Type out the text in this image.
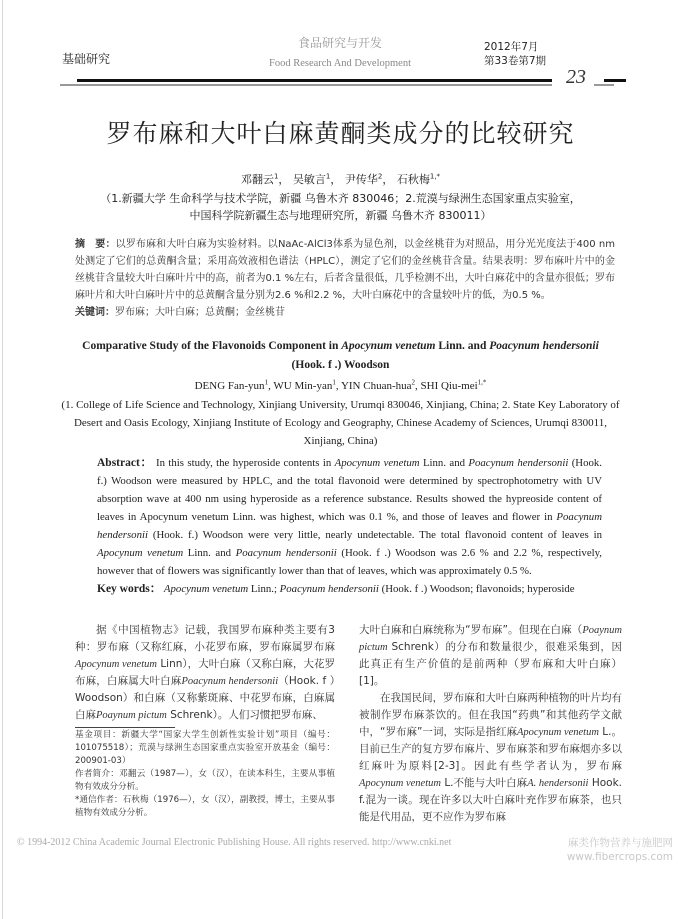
基础研究
食品研究与开发
Food Research And Development
2012年7月
第33卷第7期
23
罗布麻和大叶白麻黄酮类成分的比较研究
邓翻云$^1$， 吴敏言$^1$， 尹传华$^2$， 石秋梅$^{1,*}$
（1.新疆大学 生命科学与技术学院，新疆 乌鲁木齐 830046；2.荒漠与绿洲生态国家重点实验室，中国科学院新疆生态与地理研究所，新疆 乌鲁木齐 830011）
摘　要：以罗布麻和大叶白麻为实验材料。以NaAc-AlCl3体系为显色剂，以金丝桃苷为对照品，用分光光度法于400 nm处测定了它们的总黄酮含量；采用高效液相色谱法（HPLC），测定了它们的金丝桃苷含量。结果表明：罗布麻叶片中的金丝桃苷含量较大叶白麻叶片中的高，前者为0.1 %左右，后者含量很低，几乎检测不出，大叶白麻花中的含量亦很低；罗布麻叶片和大叶白麻叶片中的总黄酮含量分别为2.6 %和2.2 %，大叶白麻花中的含量较叶片的低，为0.5 %。
关键词：罗布麻；大叶白麻；总黄酮；金丝桃苷
Comparative Study of the Flavonoids Component in Apocynum venetum Linn. and Poacynum hendersonii
(Hook. f .) Woodson
DENG Fan-yun$^1$, WU Min-yan$^1$, YIN Chuan-hua$^2$, SHI Qiu-mei$^{1,*}$
(1. College of Life Science and Technology, Xinjiang University, Urumqi 830046, Xinjiang, China; 2. State Key Laboratory of Desert and Oasis Ecology, Xinjiang Institute of Ecology and Geography, Chinese Academy of Sciences, Urumqi 830011, Xinjiang, China)
Abstract： In this study, the hyperoside contents in Apocynum venetum Linn. and Poacynum hendersonii (Hook. f.) Woodson were measured by HPLC, and the total flavonoid were determined by spectrophotometry with UV absorption wave at 400 nm using hyperoside as a reference substance. Results showed the hypreoside content of leaves in Apocynum venetum Linn. was highest, which was 0.1 %, and those of leaves and flower in Poacynum hendersonii (Hook. f.) Woodson were very little, nearly undetectable. The total flavonoid content of leaves in Apocynum venetum Linn. and Poacynum hendersonii (Hook. f .) Woodson was 2.6 % and 2.2 %, respectively, however that of flowers was significantly lower than that of leaves, which was approximately 0.5 %.
Key words： Apocynum venetum Linn.; Poacynum hendersonii (Hook. f .) Woodson; flavonoids; hyperoside
据《中国植物志》记载，我国罗布麻种类主要有3种：罗布麻（又称红麻，小花罗布麻，罗布麻属罗布麻Apocynum venetum Linn），大叶白麻（又称白麻，大花罗布麻，白麻属大叶白麻Poacynum hendersonii（Hook. f ）Woodson）和白麻（又称紫斑麻、中花罗布麻，白麻属白麻Poaynum pictum Schrenk）。人们习惯把罗布麻、
基金项目：新疆大学“国家大学生创新性实验计划”项目（编号：101075518）；荒漠与绿洲生态国家重点实验室开放基金（编号：200901-03）
作者简介：邓翻云（1987—），女（汉），在读本科生，主要从事植物有效成分分析。
*通信作者：石秋梅（1976—），女（汉），副教授，博士，主要从事植物有效成分分析。
大叶白麻和白麻统称为“罗布麻”。但现在白麻（Poaynum pictum Schrenk）的分布和数量很少，很难采集到，因此真正有生产价值的是前两种（罗布麻和大叶白麻）[1]。
在我国民间，罗布麻和大叶白麻两种植物的叶片均有被制作罗布麻茶饮的。但在我国“药典”和其他药学文献中，“罗布麻”一词，实际是指红麻Apocynum venetum L.。目前已生产的复方罗布麻片、罗布麻茶和罗布麻烟亦多以红麻叶为原料[2-3]。因此有些学者认为，罗布麻Apocynum venetum L.不能与大叶白麻A. hendersonii Hook. f.混为一谈。现在许多以大叶白麻叶充作罗布麻茶，也只能是代用品，更不应作为罗布麻
© 1994-2012 China Academic Journal Electronic Publishing House. All rights reserved. http://www.cnki.net	麻类作物营养与施肥网
www.fibercrops.com
